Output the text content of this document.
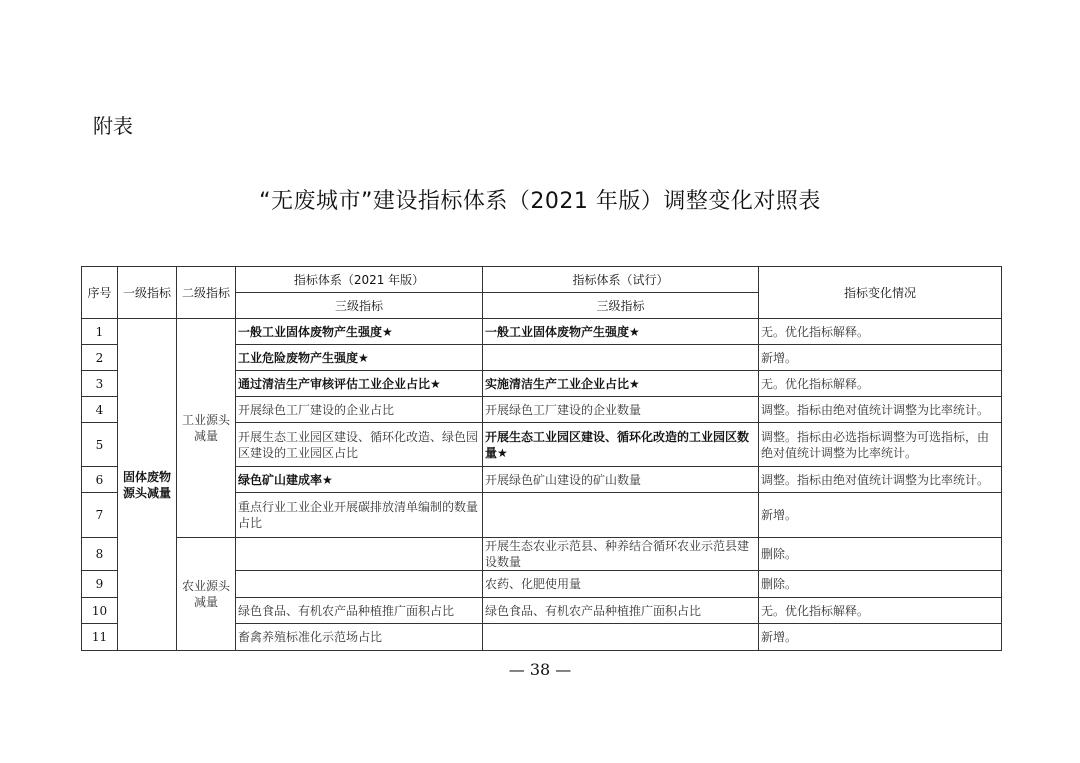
附表
“无废城市”建设指标体系（2021 年版）调整变化对照表
序号	一级指标	二级指标	指标体系（2021 年版）	指标体系（试行）	指标变化情况
			三级指标	三级指标	
1	固体废物源头减量	工业源头减量	一般工业固体废物产生强度★	一般工业固体废物产生强度★	无。优化指标解释。
2			工业危险废物产生强度★		新增。
3			通过清洁生产审核评估工业企业占比★	实施清洁生产工业企业占比★	无。优化指标解释。
4			开展绿色工厂建设的企业占比	开展绿色工厂建设的企业数量	调整。指标由绝对值统计调整为比率统计。
5			开展生态工业园区建设、循环化改造、绿色园区建设的工业园区占比	开展生态工业园区建设、循环化改造的工业园区数量★	调整。指标由必选指标调整为可选指标，由绝对值统计调整为比率统计。
6			绿色矿山建成率★	开展绿色矿山建设的矿山数量	调整。指标由绝对值统计调整为比率统计。
7			重点行业工业企业开展碳排放清单编制的数量占比		新增。
8		农业源头减量		开展生态农业示范县、种养结合循环农业示范县建设数量	删除。
9				农药、化肥使用量	删除。
10			绿色食品、有机农产品种植推广面积占比	绿色食品、有机农产品种植推广面积占比	无。优化指标解释。
11			畜禽养殖标准化示范场占比		新增。
— 38 —
